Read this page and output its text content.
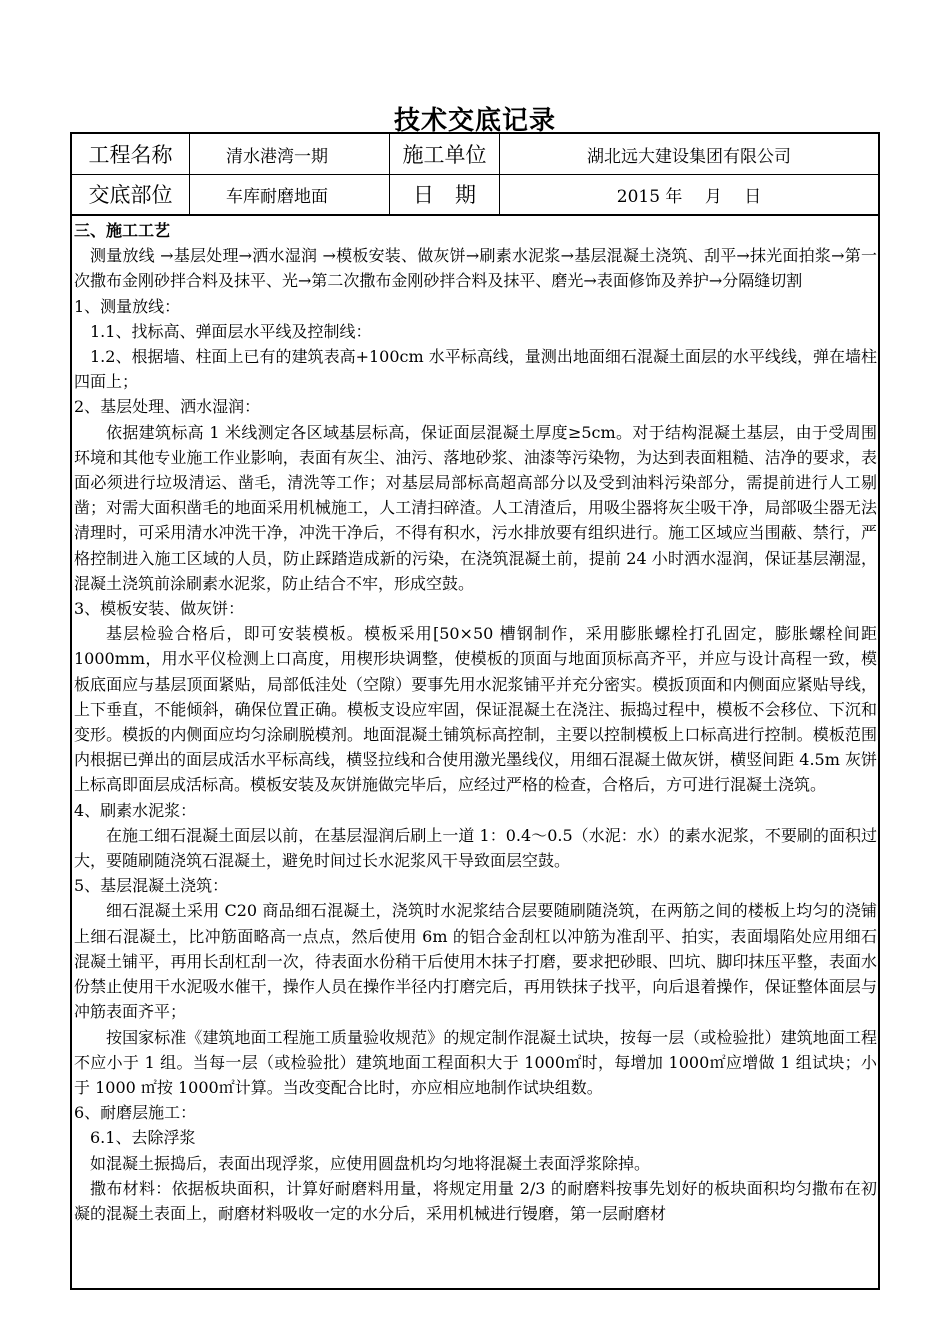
技术交底记录
工程名称	清水港湾一期	施工单位	湖北远大建设集团有限公司
交底部位	车库耐磨地面	日　期	2015 年　 月　 日

三、施工工艺

测量放线 →基层处理→洒水湿润 →模板安装、做灰饼→刷素水泥浆→基层混凝土浇筑、刮平→抹光面拍浆→第一次撒布金刚砂拌合料及抹平、光→第二次撒布金刚砂拌合料及抹平、磨光→表面修饰及养护→分隔缝切割

1、测量放线：

1.1、找标高、弹面层水平线及控制线：

1.2、根据墙、柱面上已有的建筑表高+100cm 水平标高线，量测出地面细石混凝土面层的水平线线，弹在墙柱四面上；

2、基层处理、洒水湿润：

依据建筑标高 1 米线测定各区域基层标高，保证面层混凝土厚度≥5cm。对于结构混凝土基层，由于受周围环境和其他专业施工作业影响，表面有灰尘、油污、落地砂浆、油漆等污染物，为达到表面粗糙、洁净的要求，表面必须进行垃圾清运、凿毛，清洗等工作；对基层局部标高超高部分以及受到油料污染部分，需提前进行人工剔凿；对需大面积凿毛的地面采用机械施工，人工清扫碎渣。人工清渣后，用吸尘器将灰尘吸干净，局部吸尘器无法清理时，可采用清水冲洗干净，冲洗干净后，不得有积水，污水排放要有组织进行。施工区域应当围蔽、禁行，严格控制进入施工区域的人员，防止踩踏造成新的污染，在浇筑混凝土前，提前 24 小时洒水湿润，保证基层潮湿，混凝土浇筑前涂刷素水泥浆，防止结合不牢，形成空鼓。

3、模板安装、做灰饼：

基层检验合格后，即可安装模板。模板采用[50×50 槽钢制作，采用膨胀螺栓打孔固定，膨胀螺栓间距 1000mm，用水平仪检测上口高度，用楔形块调整，使模板的顶面与地面顶标高齐平，并应与设计高程一致，模板底面应与基层顶面紧贴，局部低洼处（空隙）要事先用水泥浆铺平并充分密实。模扳顶面和内侧面应紧贴导线，上下垂直，不能倾斜，确保位置正确。模板支设应牢固，保证混凝土在浇注、振捣过程中，模板不会移位、下沉和变形。模扳的内侧面应均匀涂刷脱模剂。地面混凝土铺筑标高控制，主要以控制模板上口标高进行控制。模板范围内根据已弹出的面层成活水平标高线，横竖拉线和合使用激光墨线仪，用细石混凝土做灰饼，横竖间距 4.5m 灰饼上标高即面层成活标高。模板安装及灰饼施做完毕后，应经过严格的检查，合格后，方可进行混凝土浇筑。

4、刷素水泥浆：

在施工细石混凝土面层以前，在基层湿润后刷上一道 1：0.4～0.5（水泥：水）的素水泥浆，不要刷的面积过大，要随刷随浇筑石混凝土，避免时间过长水泥浆风干导致面层空鼓。

5、基层混凝土浇筑：

细石混凝土采用 C20 商品细石混凝土，浇筑时水泥浆结合层要随刷随浇筑，在两筋之间的楼板上均匀的浇铺上细石混凝土，比冲筋面略高一点点，然后使用 6m 的铝合金刮杠以冲筋为准刮平、拍实，表面塌陷处应用细石混凝土铺平，再用长刮杠刮一次，待表面水份稍干后使用木抹子打磨，要求把砂眼、凹坑、脚印抹压平整，表面水份禁止使用干水泥吸水催干，操作人员在操作半径内打磨完后，再用铁抹子找平，向后退着操作，保证整体面层与冲筋表面齐平；

按国家标准《建筑地面工程施工质量验收规范》的规定制作混凝土试块，按每一层（或检验批）建筑地面工程不应小于 1 组。当每一层（或检验批）建筑地面工程面积大于 1000㎡时，每增加 1000㎡应增做 1 组试块；小于 1000 ㎡按 1000㎡计算。当改变配合比时，亦应相应地制作试块组数。

6、耐磨层施工：

6.1、去除浮浆

如混凝土振捣后，表面出现浮浆，应使用圆盘机均匀地将混凝土表面浮浆除掉。

撒布材料：依据板块面积，计算好耐磨料用量，将规定用量 2/3 的耐磨料按事先划好的板块面积均匀撒布在初凝的混凝土表面上，耐磨材料吸收一定的水分后，采用机械进行镘磨，第一层耐磨材
